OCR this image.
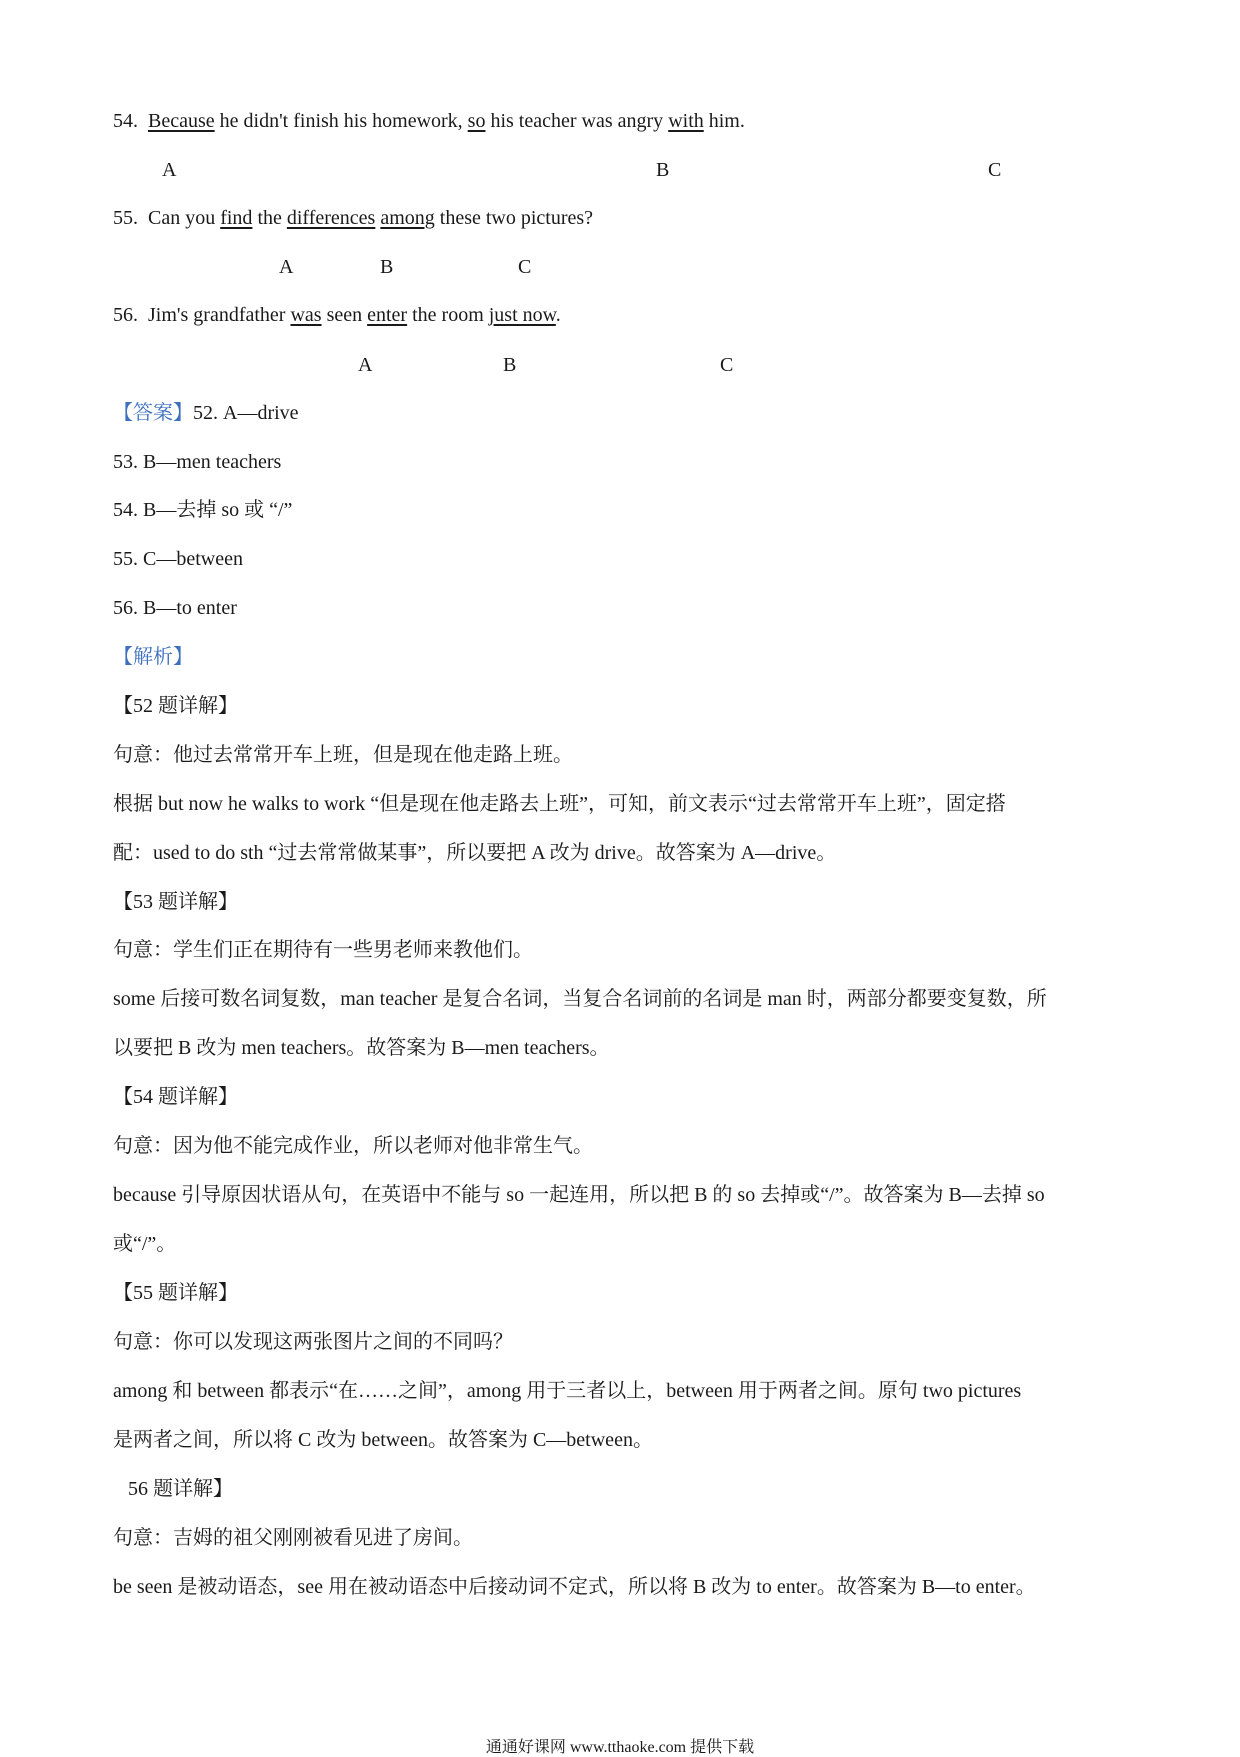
54. Because he didn't finish his homework, so his teacher was angry with him.
A	B	C
55. Can you find the differences among these two pictures?
A	B	C
56. Jim's grandfather was seen enter the room just now.
A	B	C
【答案】52. A—drive
53. B—men teachers
54. B—去掉 so 或 “/”
55. C—between
56. B—to enter
【解析】
【52 题详解】
句意：他过去常常开车上班，但是现在他走路上班。
根据 but now he walks to work “但是现在他走路去上班”，可知，前文表示“过去常常开车上班”，固定搭
配：used to do sth “过去常常做某事”，所以要把 A 改为 drive。故答案为 A—drive。
【53 题详解】
句意：学生们正在期待有一些男老师来教他们。
some 后接可数名词复数，man teacher 是复合名词，当复合名词前的名词是 man 时，两部分都要变复数，所
以要把 B 改为 men teachers。故答案为 B—men teachers。
【54 题详解】
句意：因为他不能完成作业，所以老师对他非常生气。
because 引导原因状语从句，在英语中不能与 so 一起连用，所以把 B 的 so 去掉或“/”。故答案为 B—去掉 so
或“/”。
【55 题详解】
句意：你可以发现这两张图片之间的不同吗？
among 和 between 都表示“在……之间”，among 用于三者以上，between 用于两者之间。原句 two pictures
是两者之间，所以将 C 改为 between。故答案为 C—between。
56 题详解】
句意：吉姆的祖父刚刚被看见进了房间。
be seen 是被动语态，see 用在被动语态中后接动词不定式，所以将 B 改为 to enter。故答案为 B—to enter。
通通好课网 www.tthaoke.com 提供下载
